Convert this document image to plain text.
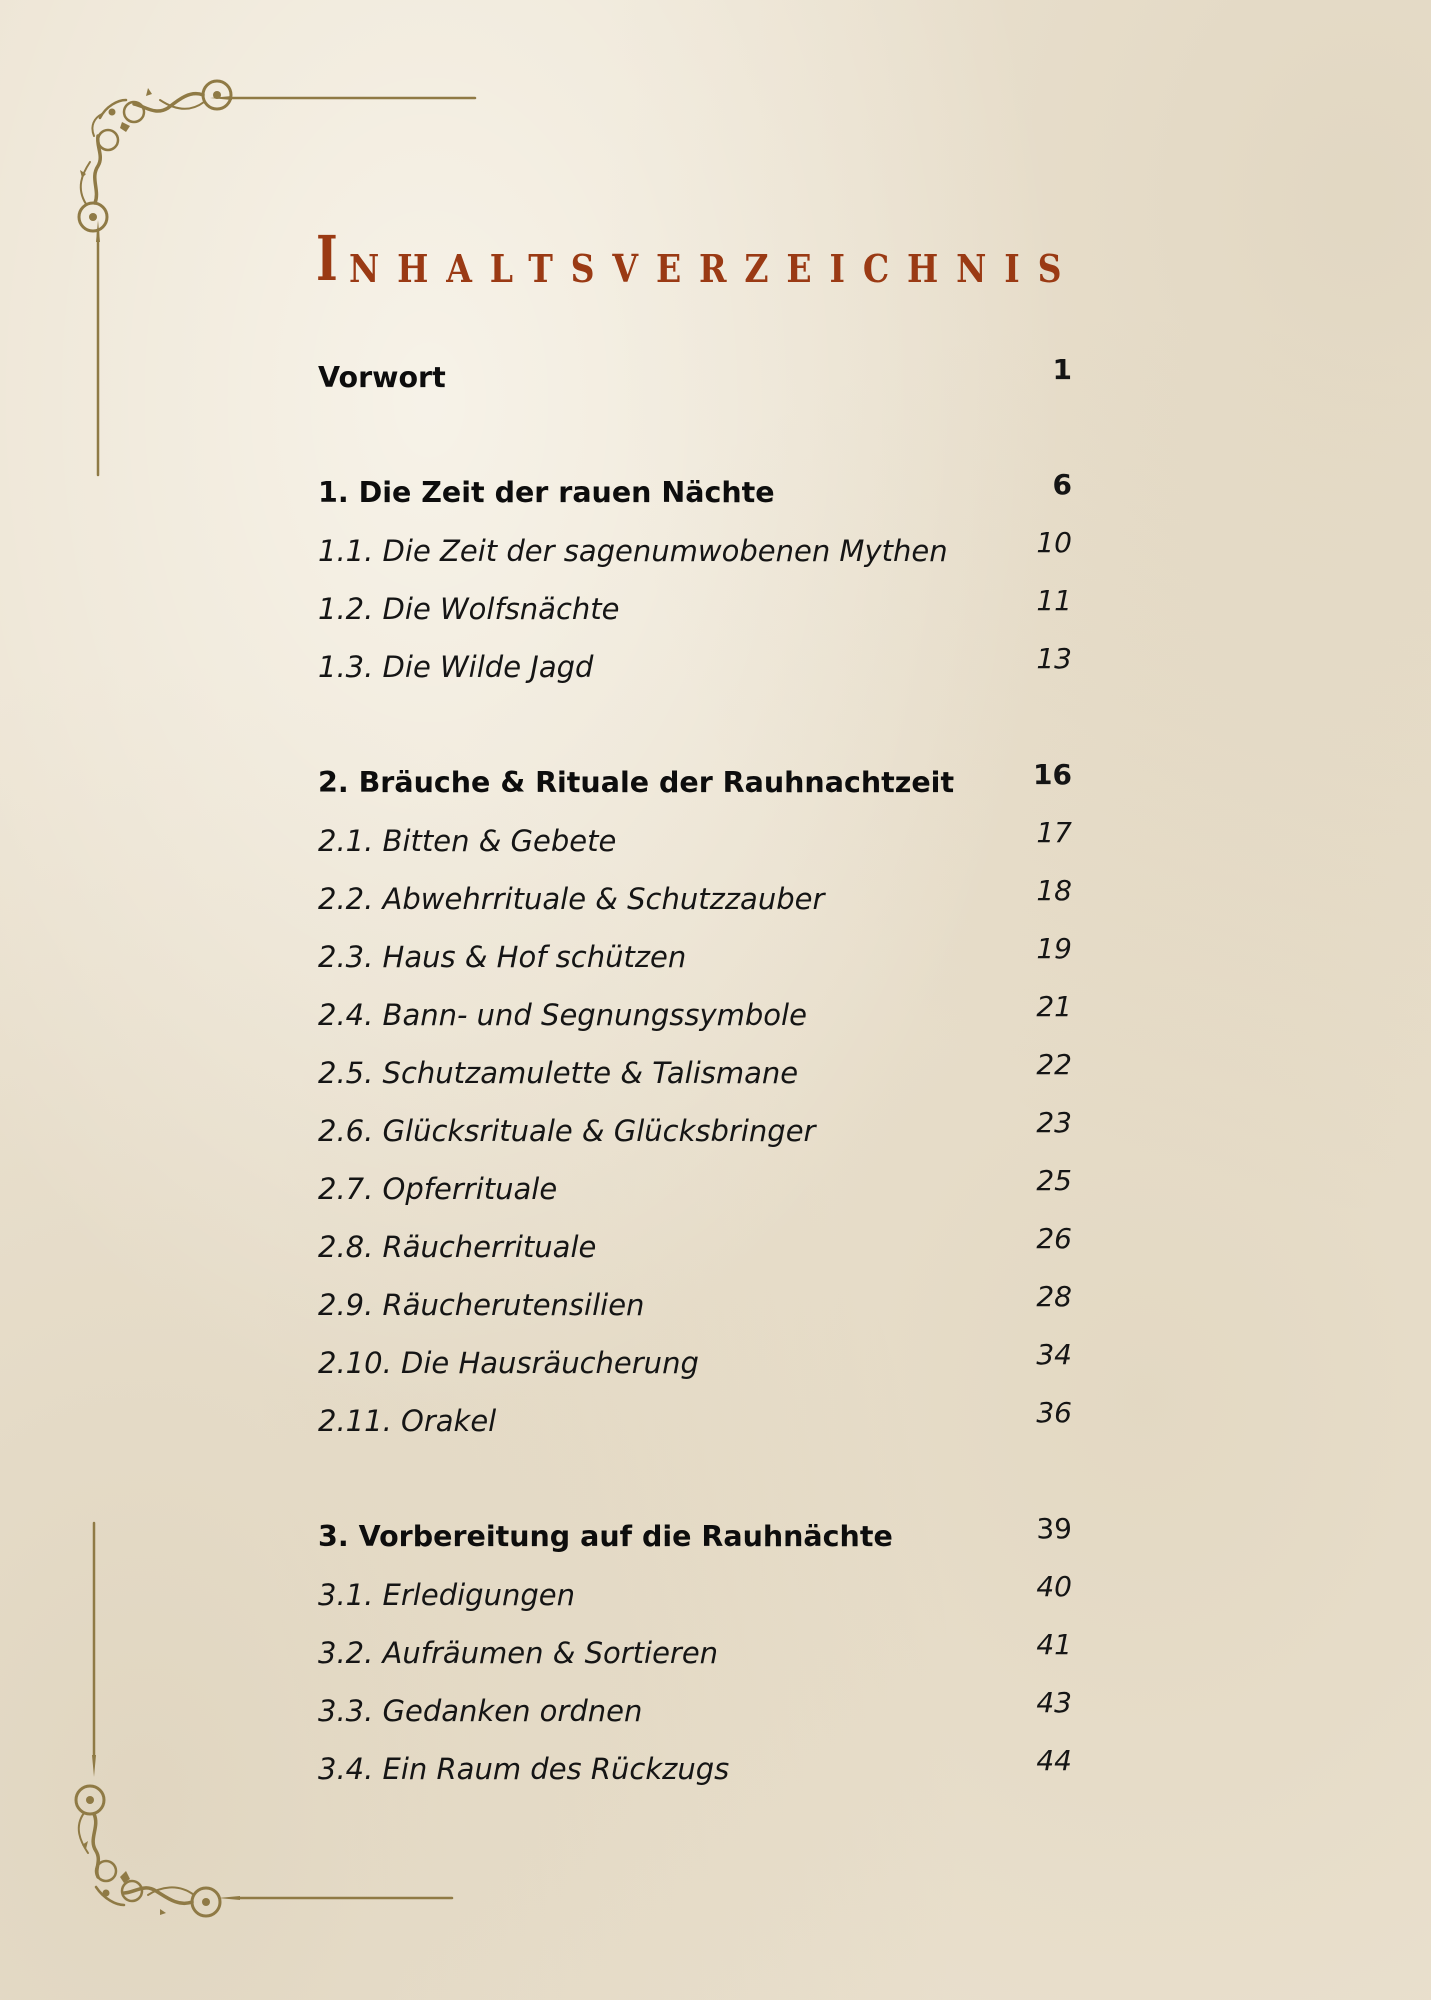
I NHALTSVERZEICHNIS
Vorwort	1
1. Die Zeit der rauen Nächte	6
1.1. Die Zeit der sagenumwobenen Mythen	10
1.2. Die Wolfsnächte	11
1.3. Die Wilde Jagd	13
2. Bräuche & Rituale der Rauhnachtzeit	16
2.1. Bitten & Gebete	17
2.2. Abwehrrituale & Schutzzauber	18
2.3. Haus & Hof schützen	19
2.4. Bann- und Segnungssymbole	21
2.5. Schutzamulette & Talismane	22
2.6. Glücksrituale & Glücksbringer	23
2.7. Opferrituale	25
2.8. Räucherrituale	26
2.9. Räucherutensilien	28
2.10. Die Hausräucherung	34
2.11. Orakel	36
3. Vorbereitung auf die Rauhnächte	39
3.1. Erledigungen	40
3.2. Aufräumen & Sortieren	41
3.3. Gedanken ordnen	43
3.4. Ein Raum des Rückzugs	44
